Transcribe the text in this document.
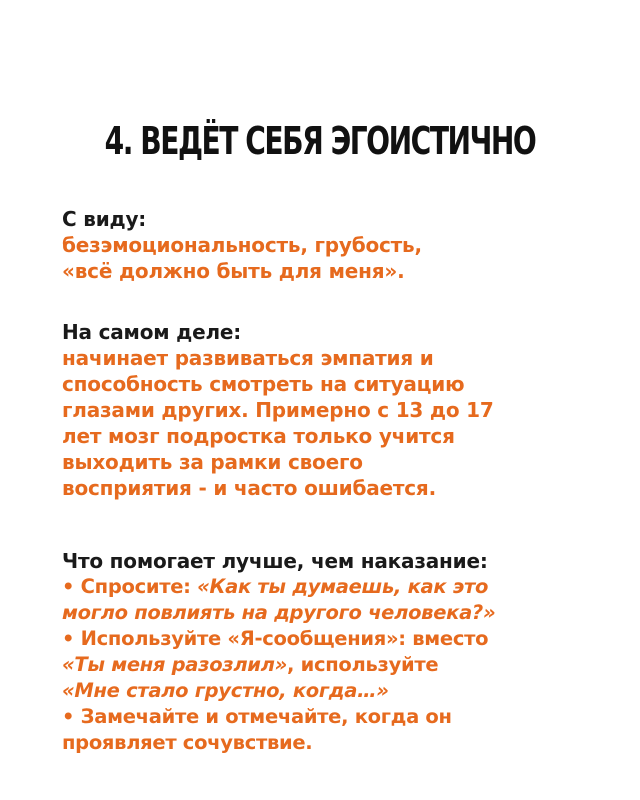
4. ВЕДЁТ СЕБЯ ЭГОИСТИЧНО
С виду:
безэмоциональность, грубость,
«всё должно быть для меня».
На самом деле:
начинает развиваться эмпатия и
способность смотреть на ситуацию
глазами других. Примерно с 13 до 17
лет мозг подростка только учится
выходить за рамки своего
восприятия - и часто ошибается.
Что помогает лучше, чем наказание:
• Спросите: «Как ты думаешь, как это
могло повлиять на другого человека?»
• Используйте «Я-сообщения»: вместо
«Ты меня разозлил», используйте
«Мне стало грустно, когда…»
• Замечайте и отмечайте, когда он
проявляет сочувствие.
